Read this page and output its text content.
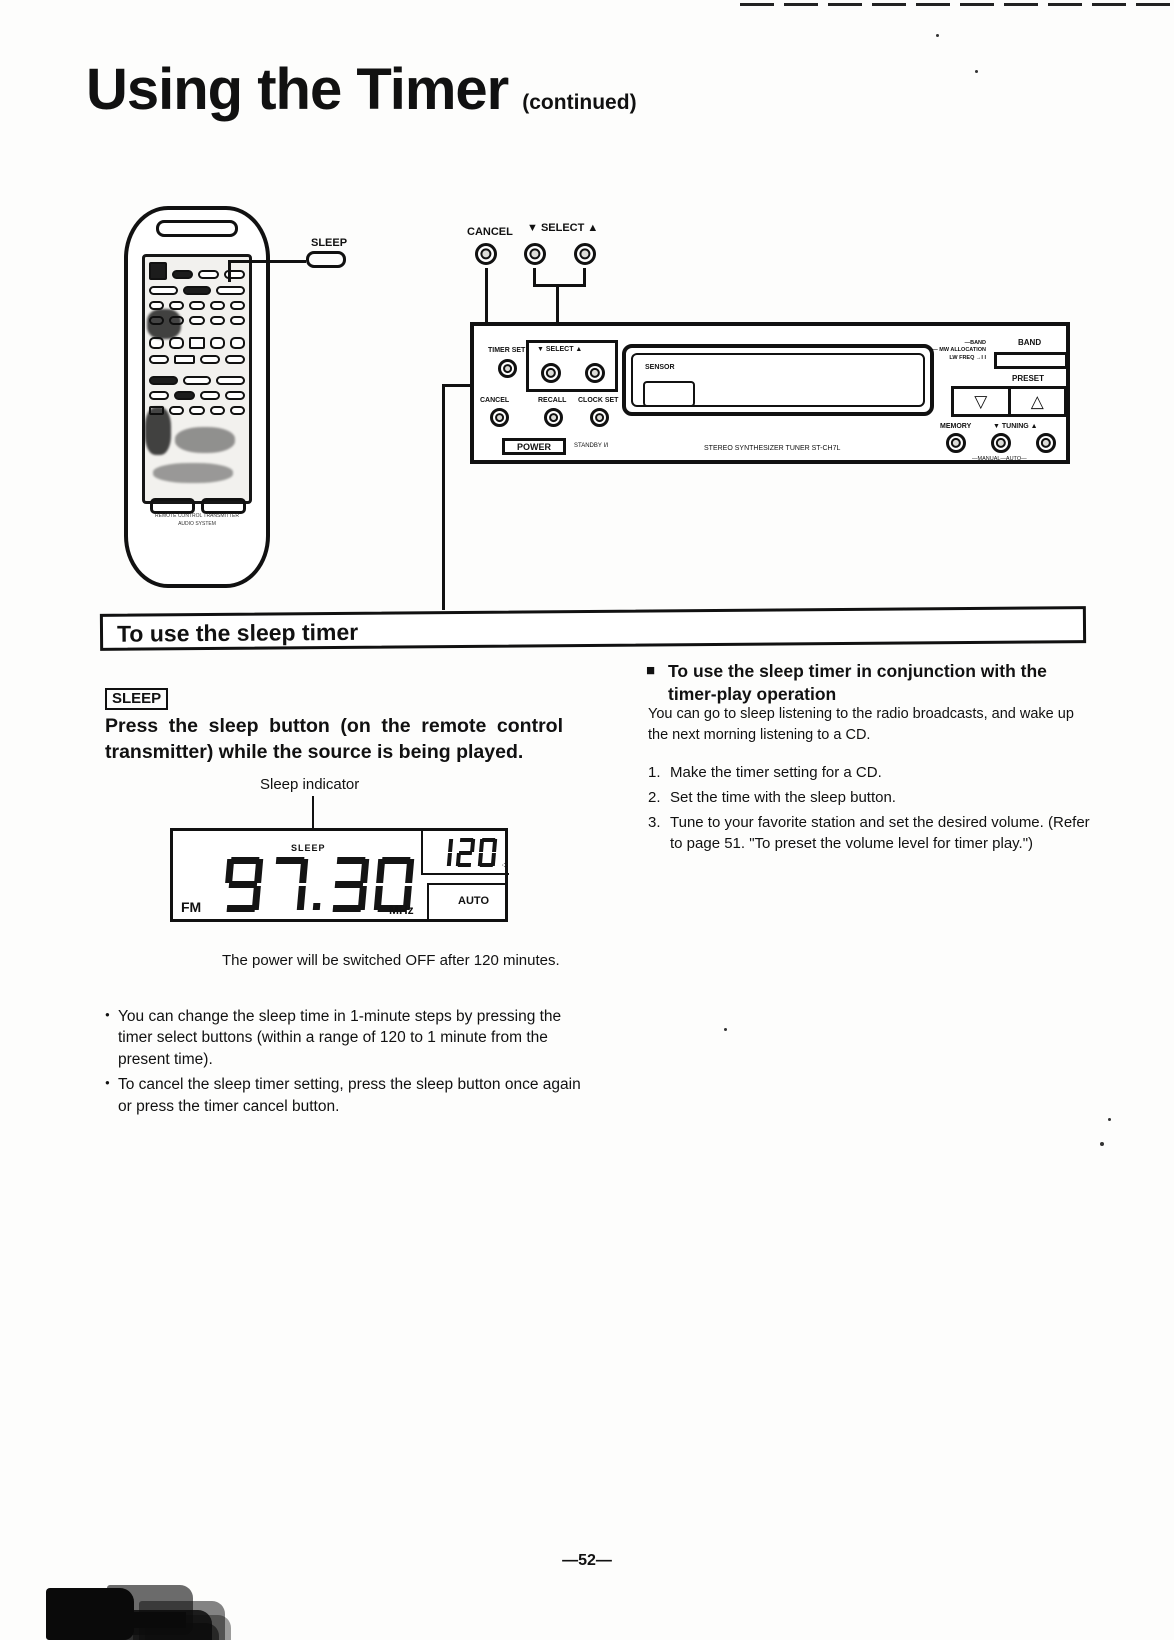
Using the Timer (continued)
REMOTE CONTROL TRANSMITTER
AUDIO SYSTEM
SLEEP
CANCEL ▼ SELECT ▲
TIMER SET ▼ SELECT ▲
CANCEL	RECALL CLOCK SET
POWER	STANDBY I/I
SENSOR
STEREO SYNTHESIZER TUNER ST-CH7L
—BAND
— MW ALLOCATION
LW FREQ →I I
BAND
PRESET
▽	△
MEMORY	▼ TUNING ▲
—MANUAL—AUTO—
To use the sleep timer
SLEEP

Press the sleep button (on the remote control transmitter) while the source is being played.

Sleep indicator
SLEEP
FM	MHz
⁘
AUTO
The power will be switched OFF after 120 minutes.
● You can change the sleep time in 1-minute steps by pressing the timer select buttons (within a range of 120 to 1 minute from the present time).
● To cancel the sleep timer setting, press the sleep button once again or press the timer cancel button.
■ To use the sleep timer in conjunction with the timer-play operation

You can go to sleep listening to the radio broadcasts, and wake up the next morning listening to a CD.

Make the timer setting for a CD.
Set the time with the sleep button.
Tune to your favorite station and set the desired volume. (Refer to page 51. "To preset the volume level for timer play.")
—52—
